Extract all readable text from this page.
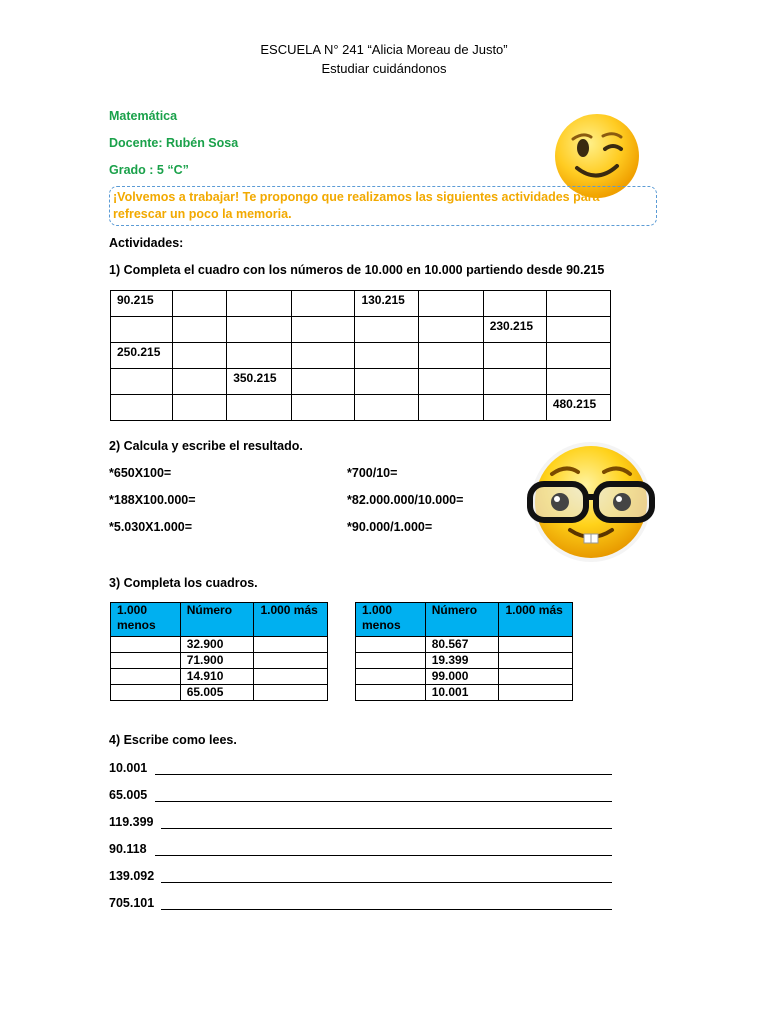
ESCUELA N° 241 “Alicia Moreau de Justo”
Estudiar cuidándonos
Matemática
Docente: Rubén Sosa
Grado : 5 “C”
¡Volvemos a trabajar! Te propongo que realizamos las siguientes actividades para refrescar un poco la memoria.
Actividades:
1) Completa el cuadro con los números de 10.000 en 10.000 partiendo desde 90.215
90.215				130.215			
						230.215	
250.215							
		350.215					
							480.215
2) Calcula y escribe el resultado.
*650X100=
*188X100.000=
*5.030X1.000=
*700/10=
*82.000.000/10.000=
*90.000/1.000=
3) Completa los cuadros.
1.000 menos	Número	1.000 más
	32.900	
	71.900	
	14.910	
	65.005	
1.000 menos	Número	1.000 más
	80.567	
	19.399	
	99.000	
	10.001	
4) Escribe como lees.
10.001
65.005
119.399
90.118
139.092
705.101
